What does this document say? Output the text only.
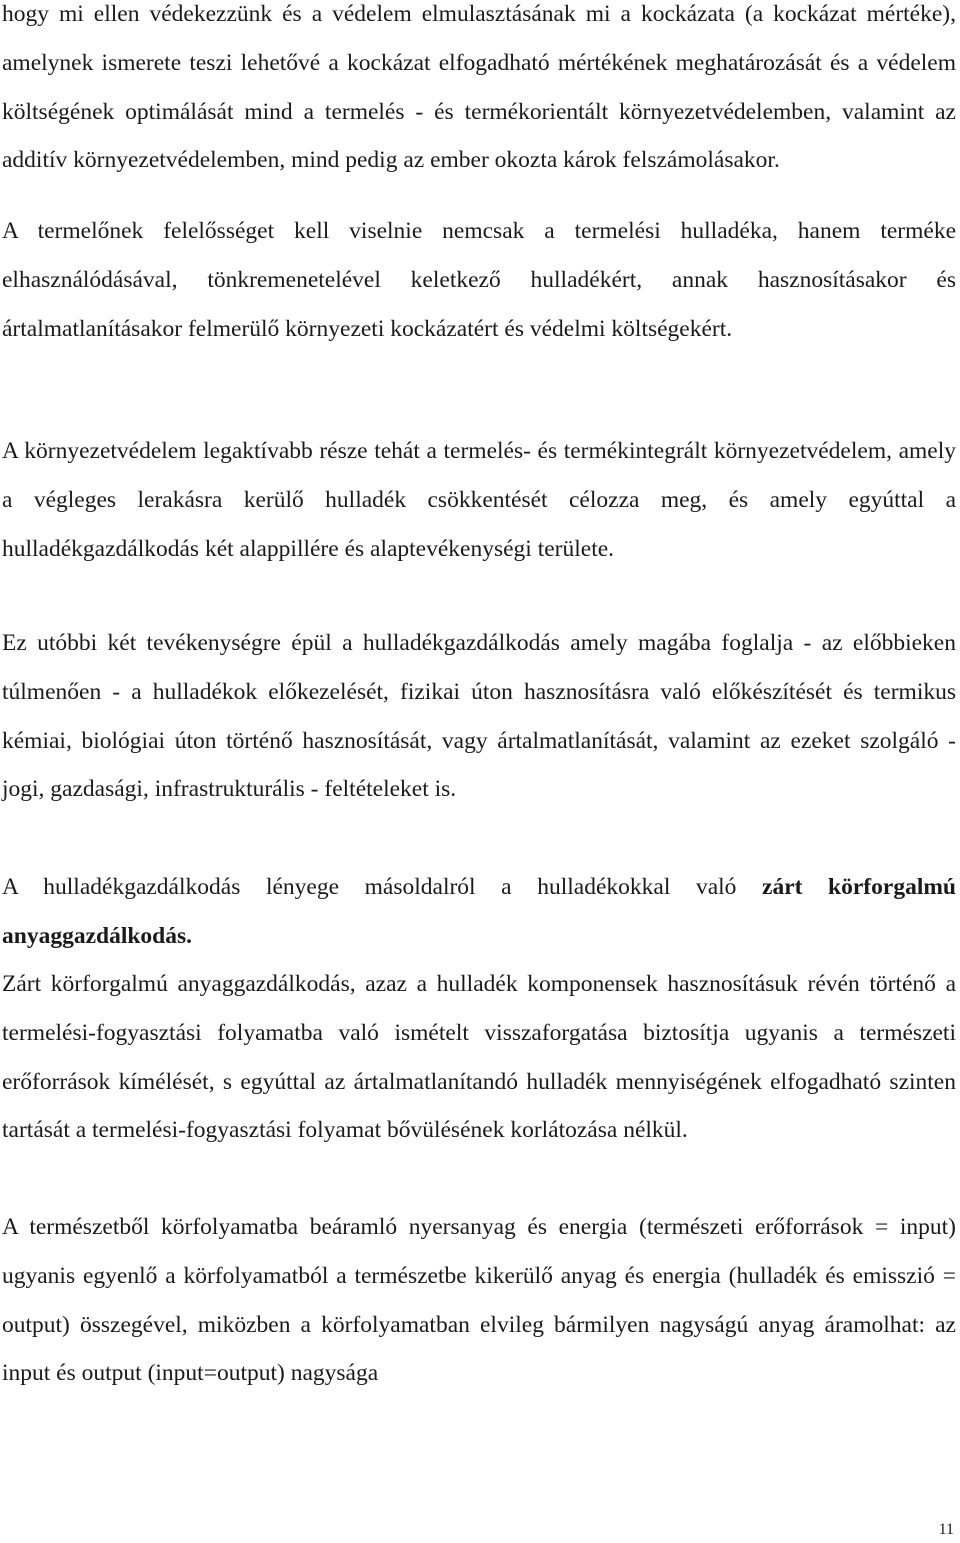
hogy mi ellen védekezzünk és a védelem elmulasztásának mi a kockázata (a kockázat mértéke), amelynek ismerete teszi lehetővé a kockázat elfogadható mértékének meghatározását és a védelem költségének optimálását mind a termelés - és termékorientált környezetvédelemben, valamint az additív környezetvédelemben, mind pedig az ember okozta károk felszámolásakor.

A termelőnek felelősséget kell viselnie nemcsak a termelési hulladéka, hanem terméke elhasználódásával, tönkremenetelével keletkező hulladékért, annak hasznosításakor és ártalmatlanításakor felmerülő környezeti kockázatért és védelmi költségekért.

A környezetvédelem legaktívabb része tehát a termelés- és termékintegrált környezetvédelem, amely a végleges lerakásra kerülő hulladék csökkentését célozza meg, és amely egyúttal a hulladékgazdálkodás két alappillére és alaptevékenységi területe.

Ez utóbbi két tevékenységre épül a hulladékgazdálkodás amely magába foglalja - az előbbieken túlmenően - a hulladékok előkezelését, fizikai úton hasznosításra való előkészítését és termikus kémiai, biológiai úton történő hasznosítását, vagy ártalmatlanítását, valamint az ezeket szolgáló - jogi, gazdasági, infrastrukturális - feltételeket is.

A hulladékgazdálkodás lényege másoldalról a hulladékokkal való zárt körforgalmú anyaggazdálkodás.

Zárt körforgalmú anyaggazdálkodás, azaz a hulladék komponensek hasznosításuk révén történő a termelési-fogyasztási folyamatba való ismételt visszaforgatása biztosítja ugyanis a természeti erőforrások kímélését, s egyúttal az ártalmatlanítandó hulladék mennyiségének elfogadható szinten tartását a termelési-fogyasztási folyamat bővülésének korlátozása nélkül.

A természetből körfolyamatba beáramló nyersanyag és energia (természeti erőforrások = input) ugyanis egyenlő a körfolyamatból a természetbe kikerülő anyag és energia (hulladék és emisszió = output) összegével, miközben a körfolyamatban elvileg bármilyen nagyságú anyag áramolhat: az input és output (input=output) nagysága

11
